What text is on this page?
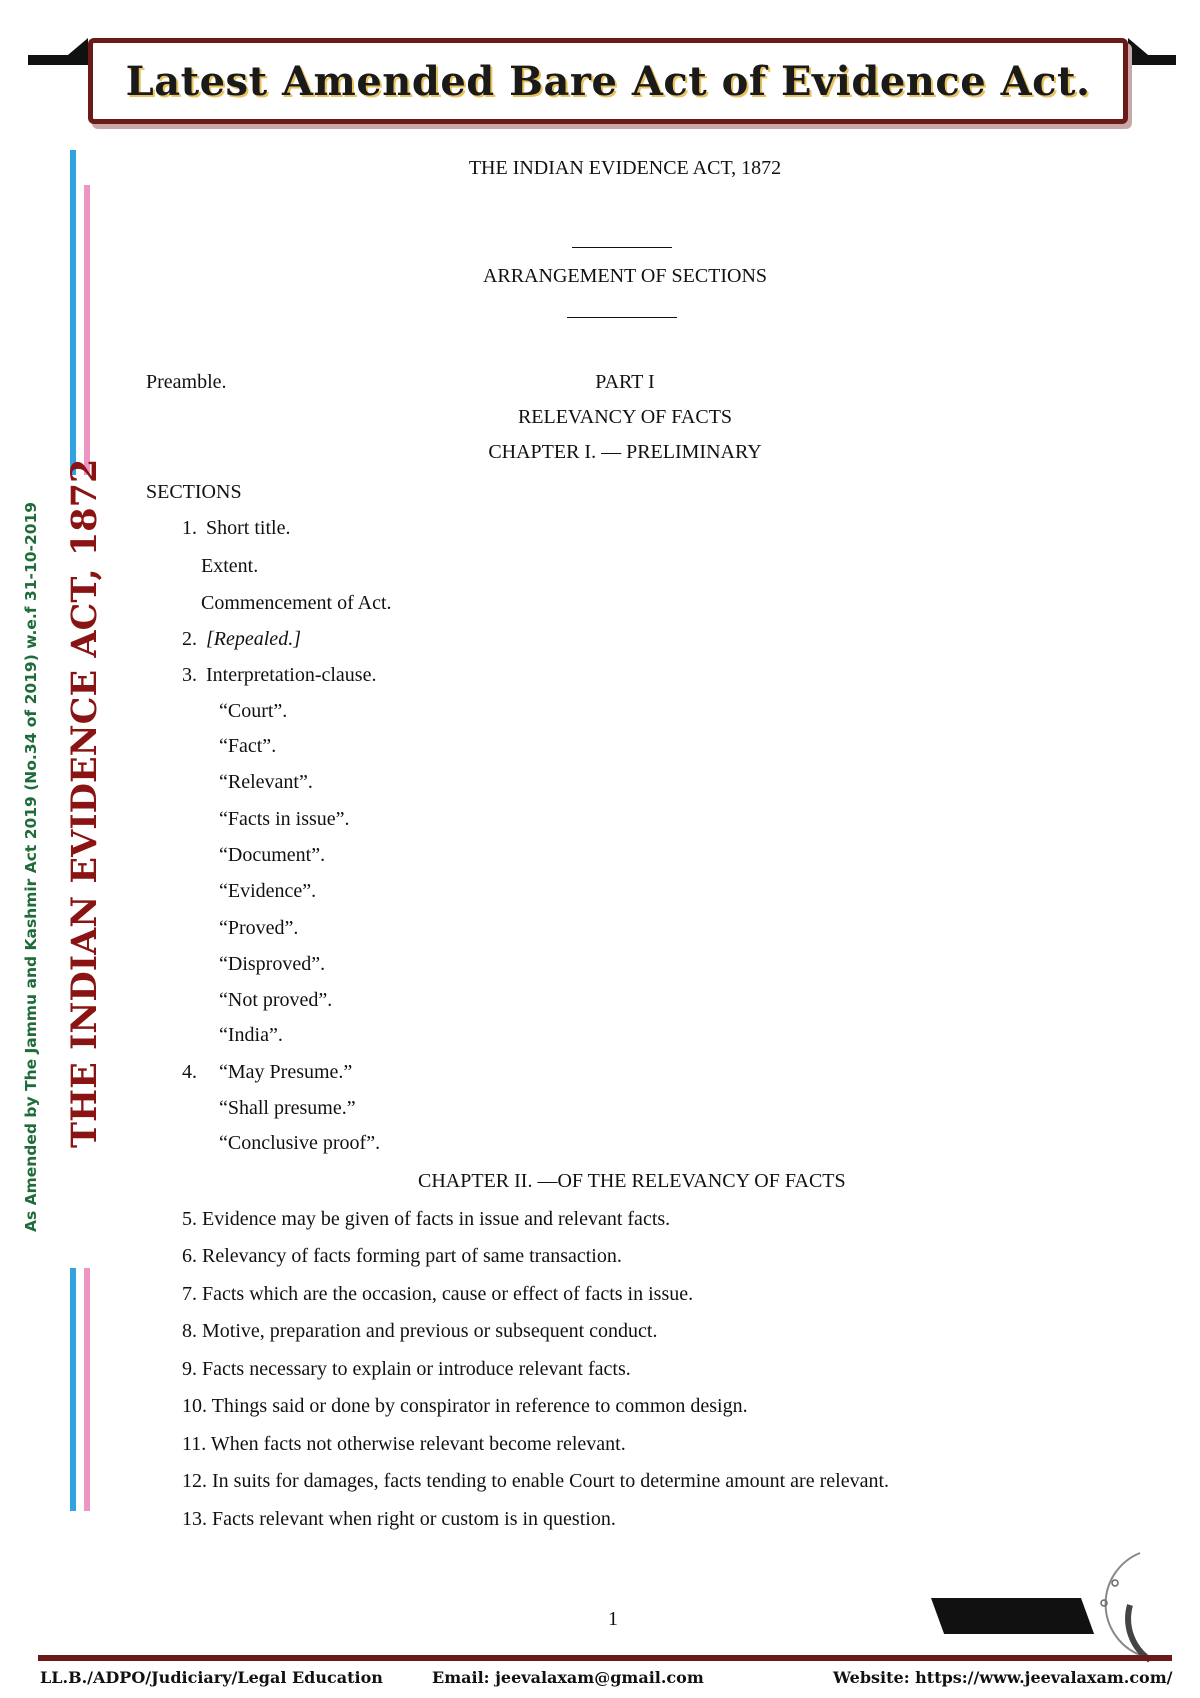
Latest Amended Bare Act of Evidence Act.
As Amended by The Jammu and Kashmir Act 2019 (No.34 of 2019) w.e.f 31-10-2019 THE INDIAN EVIDENCE ACT, 1872
THE INDIAN EVIDENCE ACT, 1872
ARRANGEMENT OF SECTIONS
Preamble.	PART I
RELEVANCY OF FACTS
CHAPTER I. — PRELIMINARY
SECTIONS
1. Short title.
Extent.
Commencement of Act.
2. [Repealed.]
3. Interpretation-clause.
“Court”.
“Fact”.
“Relevant”.
“Facts in issue”.
“Document”.
“Evidence”.
“Proved”.
“Disproved”.
“Not proved”.
“India”.
4. “May Presume.”
“Shall presume.”
“Conclusive proof”.
CHAPTER II. —OF THE RELEVANCY OF FACTS
5. Evidence may be given of facts in issue and relevant facts.
6. Relevancy of facts forming part of same transaction.
7. Facts which are the occasion, cause or effect of facts in issue.
8. Motive, preparation and previous or subsequent conduct.
9. Facts necessary to explain or introduce relevant facts.
10. Things said or done by conspirator in reference to common design.
11. When facts not otherwise relevant become relevant.
12. In suits for damages, facts tending to enable Court to determine amount are relevant.
13. Facts relevant when right or custom is in question.
1
LL.B./ADPO/Judiciary/Legal Education	Email: jeevalaxam@gmail.com	Website: https://www.jeevalaxam.com/
